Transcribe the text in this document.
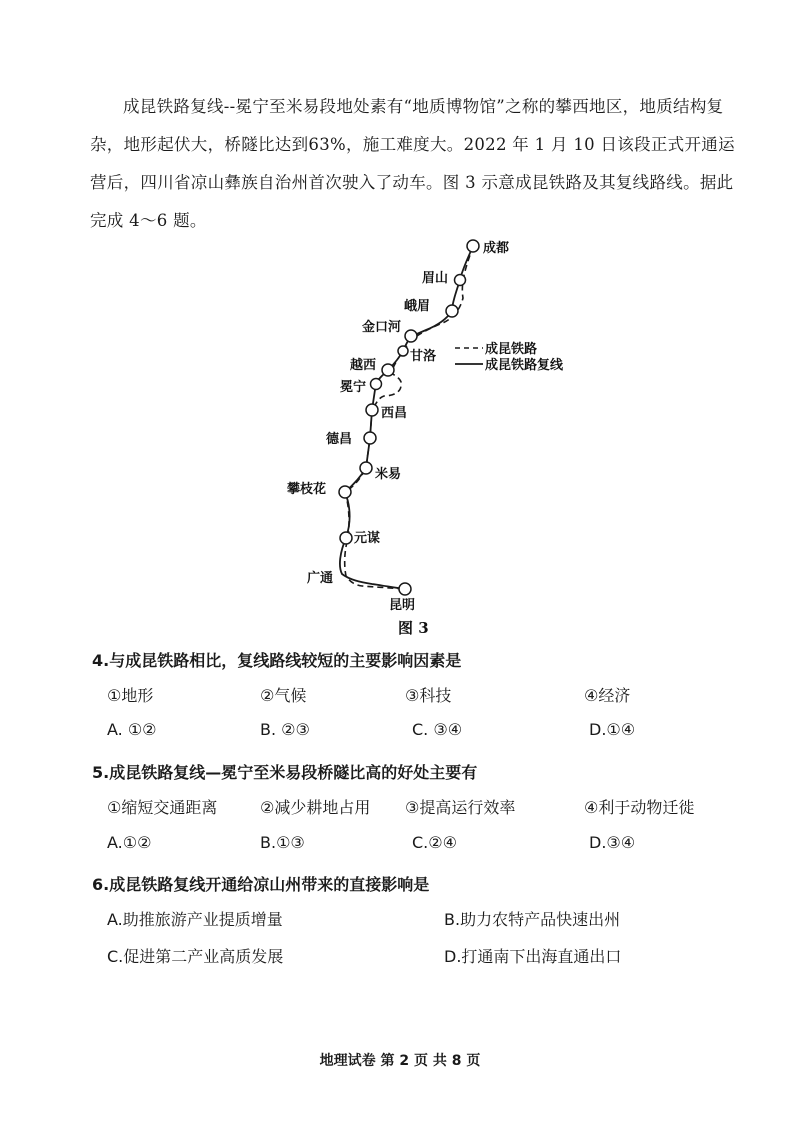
成昆铁路复线--冕宁至米易段地处素有“地质博物馆”之称的攀西地区，地质结构复杂，地形起伏大，桥隧比达到63%，施工难度大。2022 年 1 月 10 日该段正式开通运营后，四川省凉山彝族自治州首次驶入了动车。图 3 示意成昆铁路及其复线路线。据此完成 4～6 题。
成都
眉山
峨眉
金口河
甘洛
越西
冕宁
西昌
德昌
米易
攀枝花
元谋
广通
昆明
成昆铁路
成昆铁路复线
图 3
4.与成昆铁路相比，复线路线较短的主要影响因素是
①地形	②气候	③科技	④经济
A. ①②	B. ②③	C. ③④	D.①④
5.成昆铁路复线—冕宁至米易段桥隧比高的好处主要有
①缩短交通距离	②减少耕地占用 ③提高运行效率	④利于动物迁徙
A.①②	B.①③	C.②④	D.③④
6.成昆铁路复线开通给凉山州带来的直接影响是
A.助推旅游产业提质增量	B.助力农特产品快速出州
C.促进第二产业高质发展	D.打通南下出海直通出口
地理试卷 第 2 页 共 8 页
